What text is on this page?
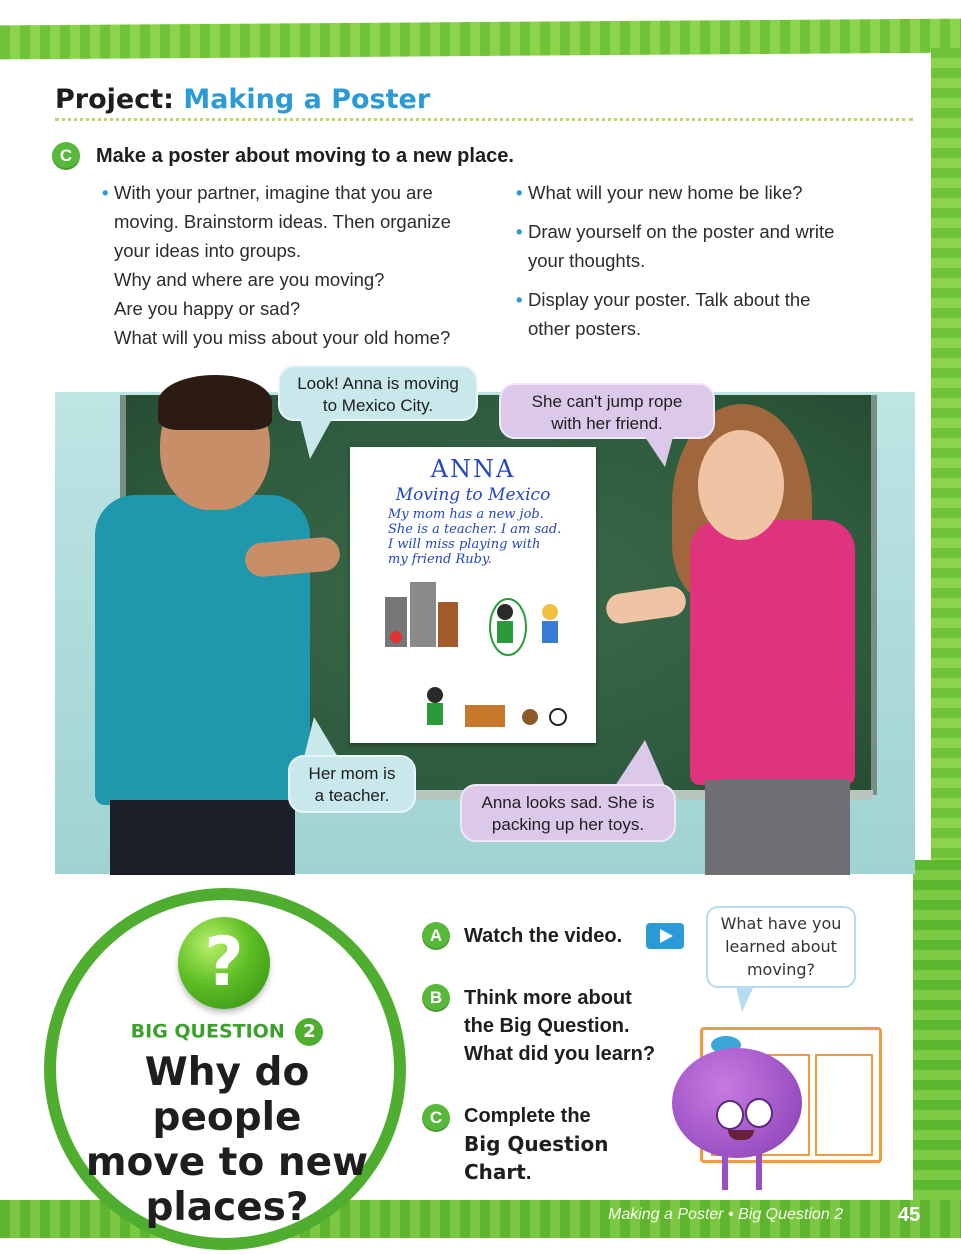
Project: Making a Poster
C	Make a poster about moving to a new place.
• With your partner, imagine that you are
moving. Brainstorm ideas. Then organize
your ideas into groups.
Why and where are you moving?
Are you happy or sad?
What will you miss about your old home?
• What will your new home be like?
• Draw yourself on the poster and write
your thoughts.
• Display your poster. Talk about the
other posters.
ANNA
Moving to Mexico
My mom has a new job.
She is a teacher. I am sad.
I will miss playing with
my friend Ruby.
Look! Anna is moving
to Mexico City.	She can't jump rope
with her friend.
Her mom is
a teacher.	Anna looks sad. She is
packing up her toys.
?
BIG QUESTION 2
Why do people
move to new
places?
A	Watch the video.
B	Think more about
the Big Question.
What did you learn?
C	Complete the
Big Question
Chart.
What have you
learned about
moving?
Making a Poster • Big Question 2	45
